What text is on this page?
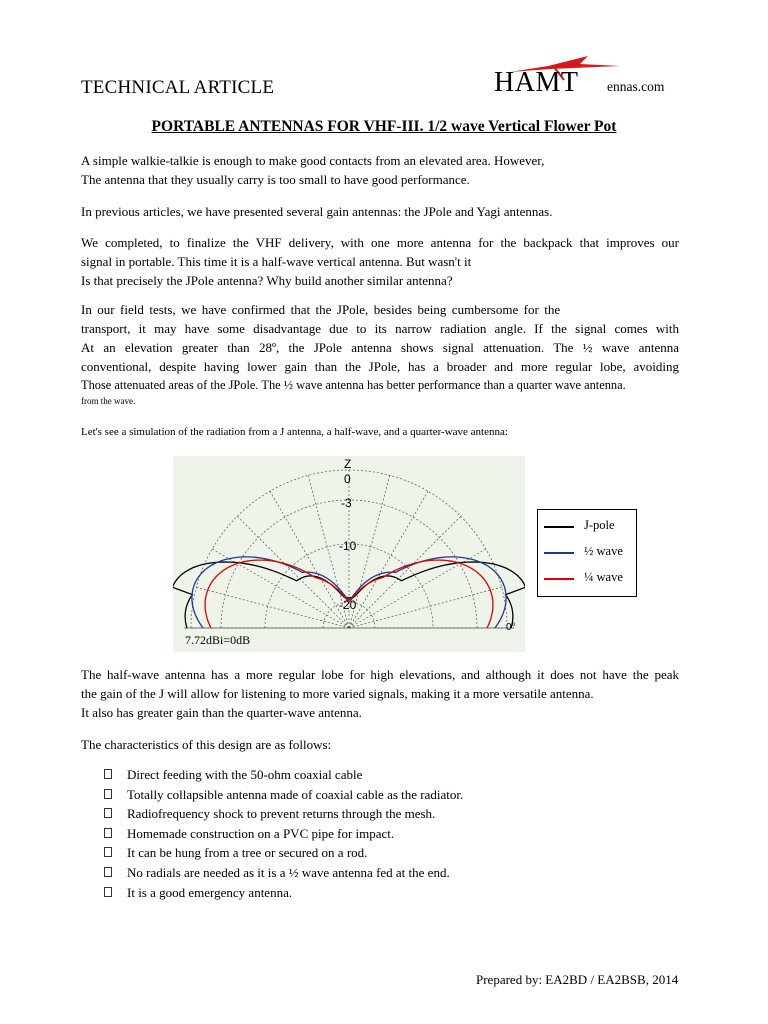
TECHNICAL ARTICLE	HAMT ennas.com
PORTABLE ANTENNAS FOR VHF-III. 1/2 wave Vertical Flower Pot

A simple walkie-talkie is enough to make good contacts from an elevated area. However,

The antenna that they usually carry is too small to have good performance.

In previous articles, we have presented several gain antennas: the JPole and Yagi antennas.

We completed, to finalize the VHF delivery, with one more antenna for the backpack that improves our

signal in portable. This time it is a half-wave vertical antenna. But wasn't it

Is that precisely the JPole antenna? Why build another similar antenna?

In our field tests, we have confirmed that the JPole, besides being cumbersome for the

transport, it may have some disadvantage due to its narrow radiation angle. If the signal comes with

At an elevation greater than 28º, the JPole antenna shows signal attenuation. The ½ wave antenna

conventional, despite having lower gain than the JPole, has a broader and more regular lobe, avoiding

Those attenuated areas of the JPole. The ½ wave antenna has better performance than a quarter wave antenna.

from the wave.

Let's see a simulation of the radiation from a J antenna, a half-wave, and a quarter-wave antenna:
Z
0
-3
-10
-20
7.72dBi=0dB
0°
J-pole
½ wave
¼ wave

The half-wave antenna has a more regular lobe for high elevations, and although it does not have the peak

the gain of the J will allow for listening to more varied signals, making it a more versatile antenna.

It also has greater gain than the quarter-wave antenna.

The characteristics of this design are as follows:

Direct feeding with the 50-ohm coaxial cable
Totally collapsible antenna made of coaxial cable as the radiator.
Radiofrequency shock to prevent returns through the mesh.
Homemade construction on a PVC pipe for impact.
It can be hung from a tree or secured on a rod.
No radials are needed as it is a ½ wave antenna fed at the end.
It is a good emergency antenna.
Prepared by: EA2BD / EA2BSB, 2014
